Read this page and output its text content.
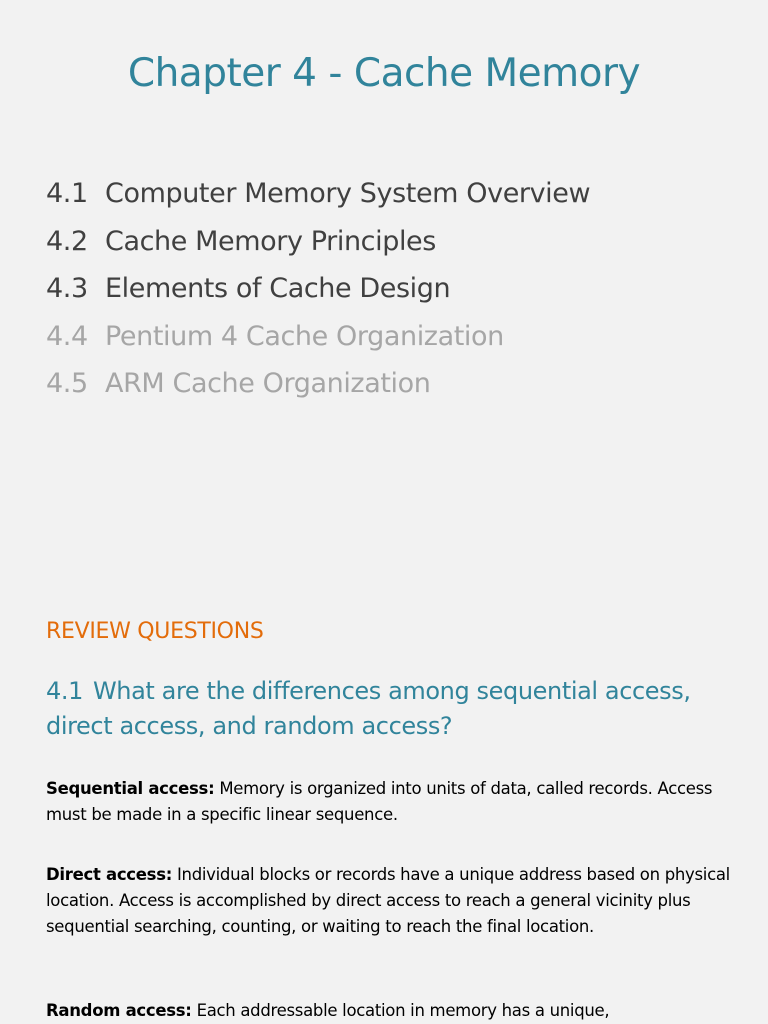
Chapter 4 - Cache Memory
4.1 Computer Memory System Overview
4.2 Cache Memory Principles
4.3 Elements of Cache Design
4.4 Pentium 4 Cache Organization
4.5 ARM Cache Organization
REVIEW QUESTIONS

4.1 What are the differences among sequential access, direct access, and random access?

Sequential access: Memory is organized into units of data, called records. Access must be made in a specific linear sequence.

Direct access: Individual blocks or records have a unique address based on physical location. Access is accomplished by direct access to reach a general vicinity plus sequential searching, counting, or waiting to reach the final location.

Random access: Each addressable location in memory has a unique,
